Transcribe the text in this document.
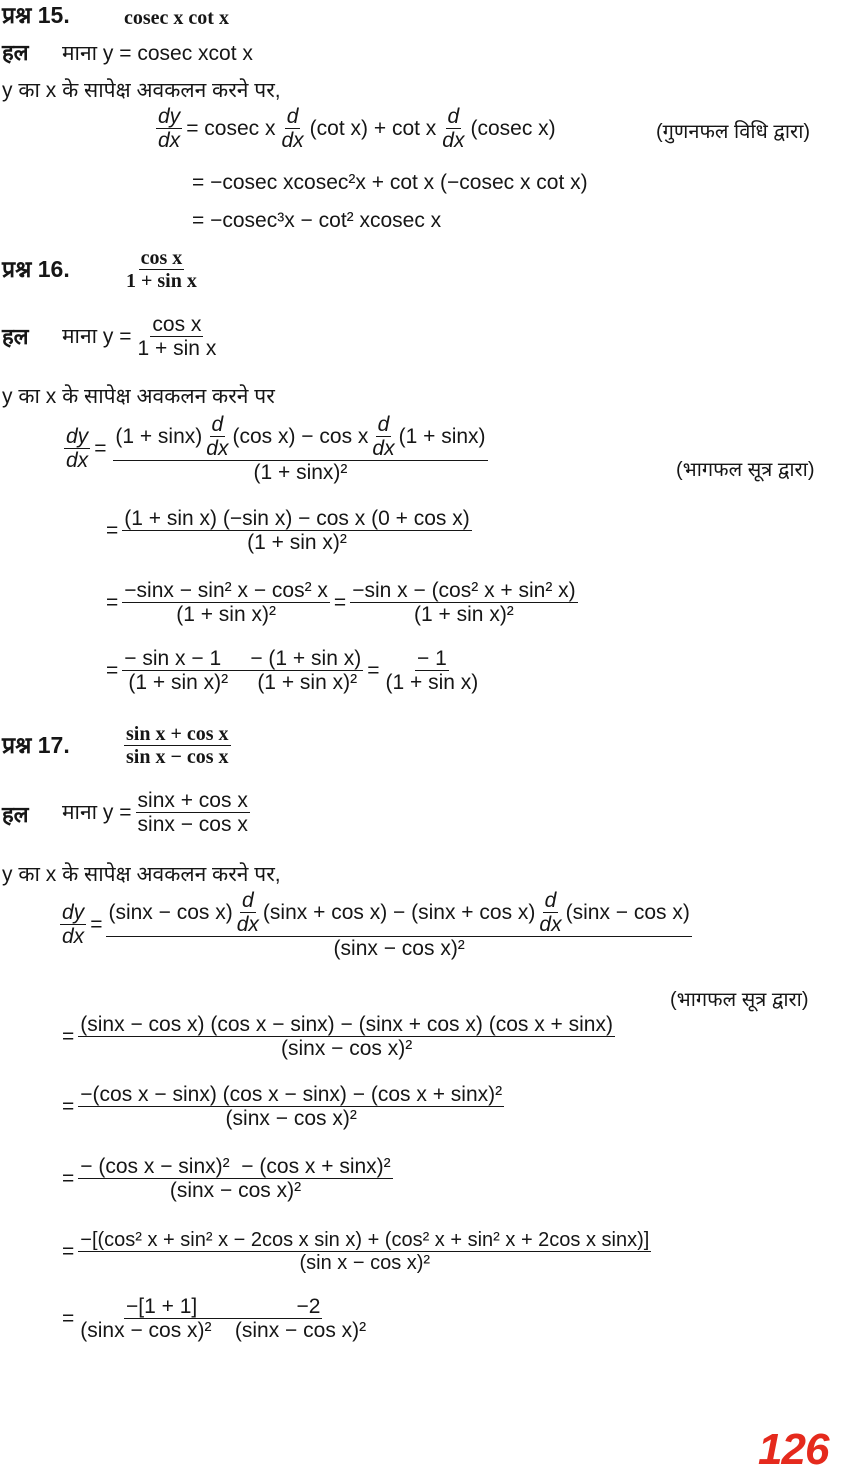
प्रश्न 15.	cosec x cot x
हल माना y = cosec xcot x
y का x के सापेक्ष अवकलन करने पर,
$\frac{dy}{dx} = cosec$ x
d
dx
(cot x) + cot x
d
dx
(cosec x)	(गुणनफल विधि द्वारा)
= −cosec xcosec²x + cot x (−cosec x cot x)
= −cosec³x − cot² xcosec x
प्रश्न 16.	$\frac{\text{cos x}}{\text{1 + sin x}}$
हल माना $y = \frac{\text{cos x}}{\text{1 + sin x}}$
y का x के सापेक्ष अवकलन करने पर
$\frac{dy}{dx}$ =
(1 + sinx)
d
dx
(cos x) − cos x
d
dx
(1 + sinx)
(1 + sinx)²	(भागफल सूत्र द्वारा)
= $\frac{\text{(1 + sin x) (−sin x) − cos x (0 + cos x)}}{\text{(1 + sin x)²}}$
= $\frac{\text{−sinx − sin² x − cos² x}}{\text{(1 + sin x)²}} = \frac{\text{−sin x − (cos² x + sin² x)}}{\text{(1 + sin x)²}}$
= $\frac{\text{− sin x − 1     − (1 + sin x)}}{\text{(1 + sin x)²     (1 + sin x)²}} = \frac{- 1}{\text{(1 + sin x)}}$
प्रश्न 17.	$\frac{\text{sin x + cos x}}{\text{sin x − cos x}}$
हल माना $y = \frac{\text{sinx + cos x}}{\text{sinx − cos x}}$
y का x के सापेक्ष अवकलन करने पर,
$\frac{dy}{dx}$ =
(sinx − cos x)
d
dx
(sinx + cos x) − (sinx + cos x)
d
dx
(sinx − cos x)
(sinx − cos x)²
(भागफल सूत्र द्वारा)
=
(sinx − cos x) (cos x − sinx) − (sinx + cos x) (cos x + sinx)
(sinx − cos x)²
= $\frac{\text{−(cos x − sinx) (cos x − sinx) − (cos x + sinx)²}}{\text{(sinx − cos x)²}}$
= $\frac{\text{− (cos x − sinx)²  − (cos x + sinx)²}}{\text{(sinx − cos x)²}}$
= −[(cos² x + sin² x − 2cos x sin x) + (cos² x + sin² x + 2cos x sinx)]
(sin x − cos x)²
= $\frac{-[1 + 1] -2}{\text{(sinx − cos x)²    (sinx − cos x)²}}$
126
